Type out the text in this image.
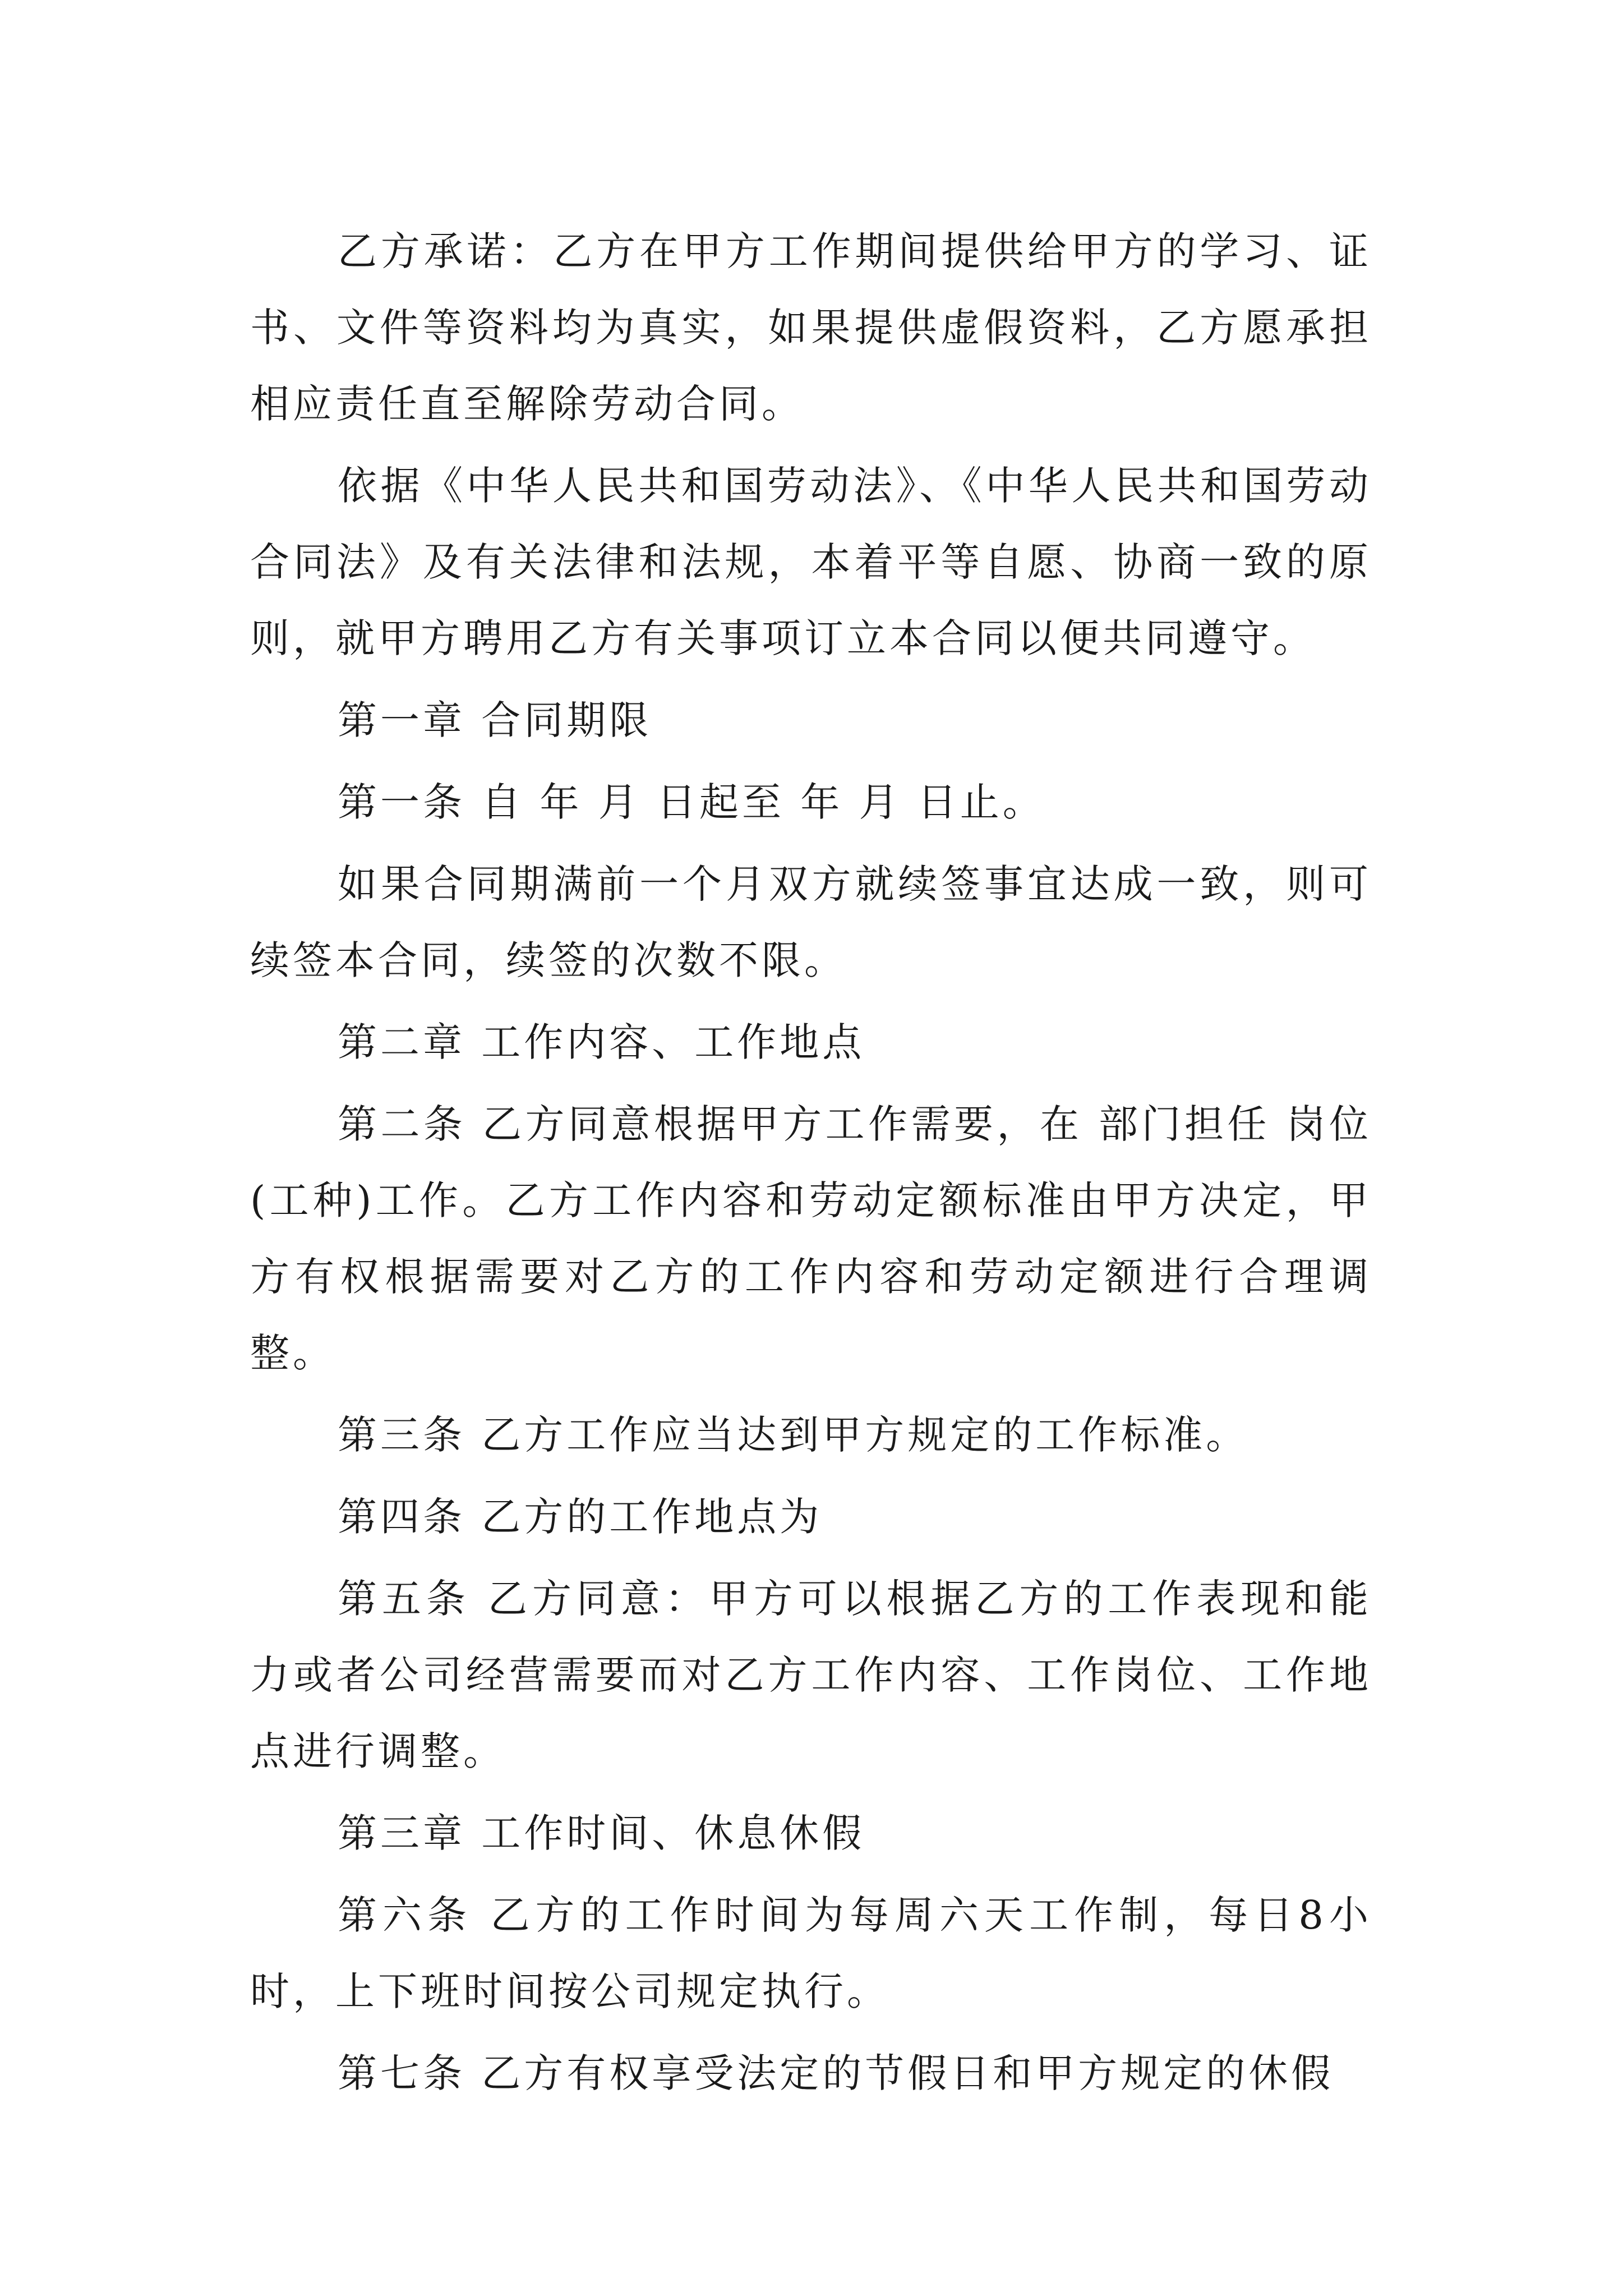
乙方承诺：乙方在甲方工作期间提供给甲方的学习、证书、文件等资料均为真实，如果提供虚假资料，乙方愿承担相应责任直至解除劳动合同。

依据《中华人民共和国劳动法》、《中华人民共和国劳动合同法》及有关法律和法规，本着平等自愿、协商一致的原则，就甲方聘用乙方有关事项订立本合同以便共同遵守。

第一章 合同期限

第一条 自 年 月 日起至 年 月 日止。

如果合同期满前一个月双方就续签事宜达成一致，则可续签本合同，续签的次数不限。

第二章 工作内容、工作地点

第二条 乙方同意根据甲方工作需要，在 部门担任 岗位(工种)工作。乙方工作内容和劳动定额标准由甲方决定，甲方有权根据需要对乙方的工作内容和劳动定额进行合理调整。

第三条 乙方工作应当达到甲方规定的工作标准。

第四条 乙方的工作地点为

第五条 乙方同意：甲方可以根据乙方的工作表现和能力或者公司经营需要而对乙方工作内容、工作岗位、工作地点进行调整。

第三章 工作时间、休息休假

第六条 乙方的工作时间为每周六天工作制，每日8小时，上下班时间按公司规定执行。

第七条 乙方有权享受法定的节假日和甲方规定的休假
